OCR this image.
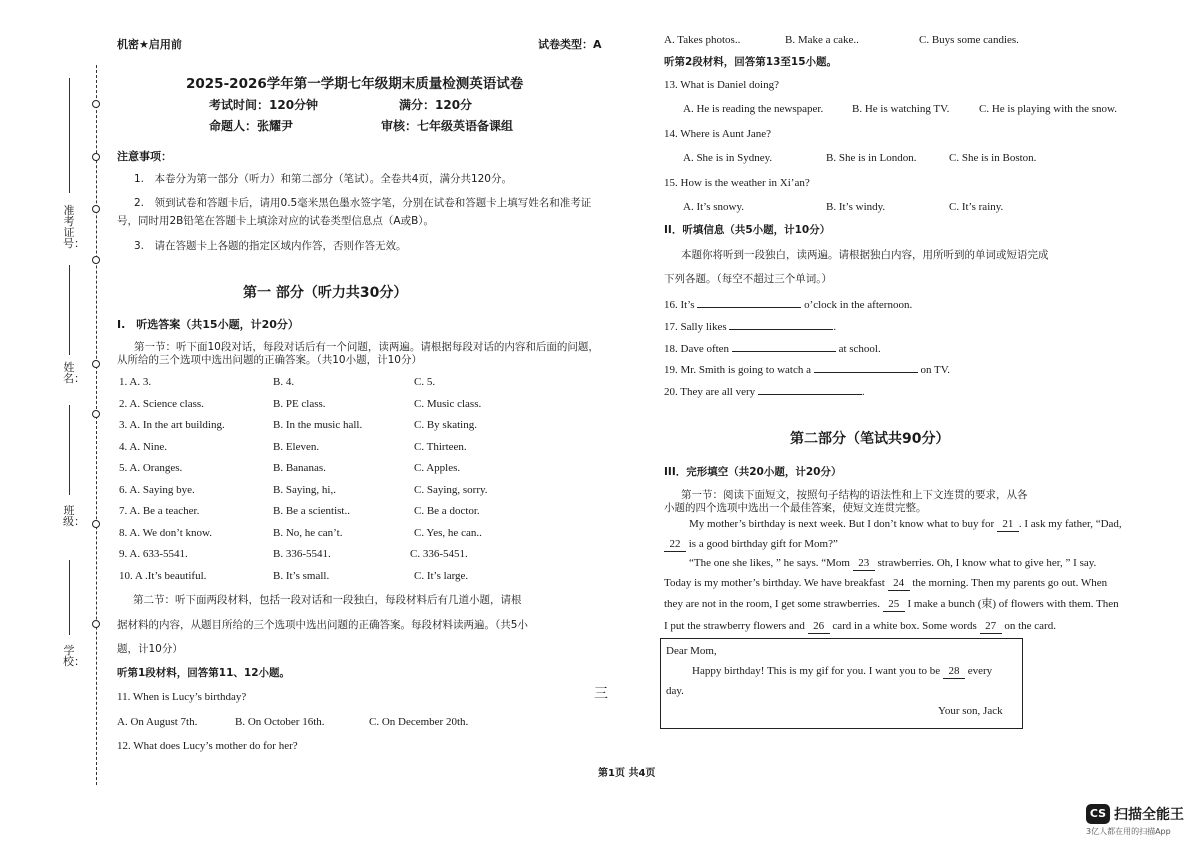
准考证号：
姓名：
班级：
学校：
机密★启用前	试卷类型：A
2025-2026学年第一学期七年级期末质量检测英语试卷
考试时间：120分钟	满分：120分
命题人：张耀尹	审核：七年级英语备课组
注意事项：
1.　本卷分为第一部分（听力）和第二部分（笔试）。全卷共4页，满分共120分。
2.　领到试卷和答题卡后，请用0.5毫米黑色墨水签字笔，分别在试卷和答题卡上填写姓名和准考证
号，同时用2B铅笔在答题卡上填涂对应的试卷类型信息点（A或B）。
3.　请在答题卡上各题的指定区域内作答，否则作答无效。
第一 部分（听力共30分）
I.　听选答案（共15小题，计20分）
第一节：听下面10段对话，每段对话后有一个问题，读两遍。请根据每段对话的内容和后面的问题，
从所给的三个选项中选出问题的正确答案。（共10小题，计10分）
1. A. 3.	B. 4.	C. 5.
2. A. Science class.	B. PE class.	C. Music class.
3. A. In the art building.	B. In the music hall.	C. By skating.
4. A. Nine.	B. Eleven.	C. Thirteen.
5. A. Oranges.	B. Bananas.	C. Apples.
6. A. Saying bye.	B. Saying, hi,.	C. Saying, sorry.
7. A. Be a teacher.	B. Be a scientist..	C. Be a doctor.
8. A. We don’t know.	B. No, he can’t.	C. Yes, he can..
9. A. 633-5541.	B. 336-5541.	C. 336-5451.
10. A .It’s beautiful.	B. It’s small.	C. It’s large.
第二节：听下面两段材料，包括一段对话和一段独白，每段材料后有几道小题，请根
据材料的内容，从题目所给的三个选项中选出问题的正确答案。每段材料读两遍。（共5小
题，计10分）
听第1段材料，回答第11、12小题。
11. When is Lucy’s birthday?
A. On August 7th.	B. On October 16th.	C. On December 20th.
12. What does Lucy’s mother do for her?
三
A. Takes photos..	B. Make a cake..	C. Buys some candies.
听第2段材料，回答第13至15小题。
13. What is Daniel doing?
A. He is reading the newspaper.	B. He is watching TV.	C. He is playing with the snow.
14. Where is Aunt Jane?
A. She is in Sydney.	B. She is in London.	C. She is in Boston.
15. How is the weather in Xi’an?
A. It’s snowy.	B. It’s windy.	C. It’s rainy.
II．听填信息（共5小题，计10分）
本题你将听到一段独白，读两遍。请根据独白内容，用所听到的单词或短语完成
下列各题。（每空不超过三个单词。）
16. It’s	o’clock in the afternoon.
17. Sally likes	.
18. Dave often	at school.
19. Mr. Smith is going to watch a	on TV.
20. They are all very	.
第二部分（笔试共90分）
III．完形填空（共20小题，计20分）
第一节：阅读下面短文，按照句子结构的语法性和上下文连贯的要求，从各
小题的四个选项中选出一个最佳答案，使短文连贯完整。
My mother’s birthday is next week. But I don’t know what to buy for 21 . I ask my father, “Dad,
22 is a good birthday gift for Mom?”
“The one she likes, ” he says. “Mom 23 strawberries. Oh, I know what to give her, ” I say.
Today is my mother’s birthday. We have breakfast 24 the morning. Then my parents go out. When
they are not in the room, I get some strawberries. 25 I make a bunch (束) of flowers with them. Then
I put the strawberry flowers and 26 card in a white box. Some words 27 on the card.
Dear Mom,
Happy birthday! This is my gif for you. I want you to be 28 every
day.
Your son, Jack
第1页 共4页
CS 扫描全能王
3亿人都在用的扫描App
